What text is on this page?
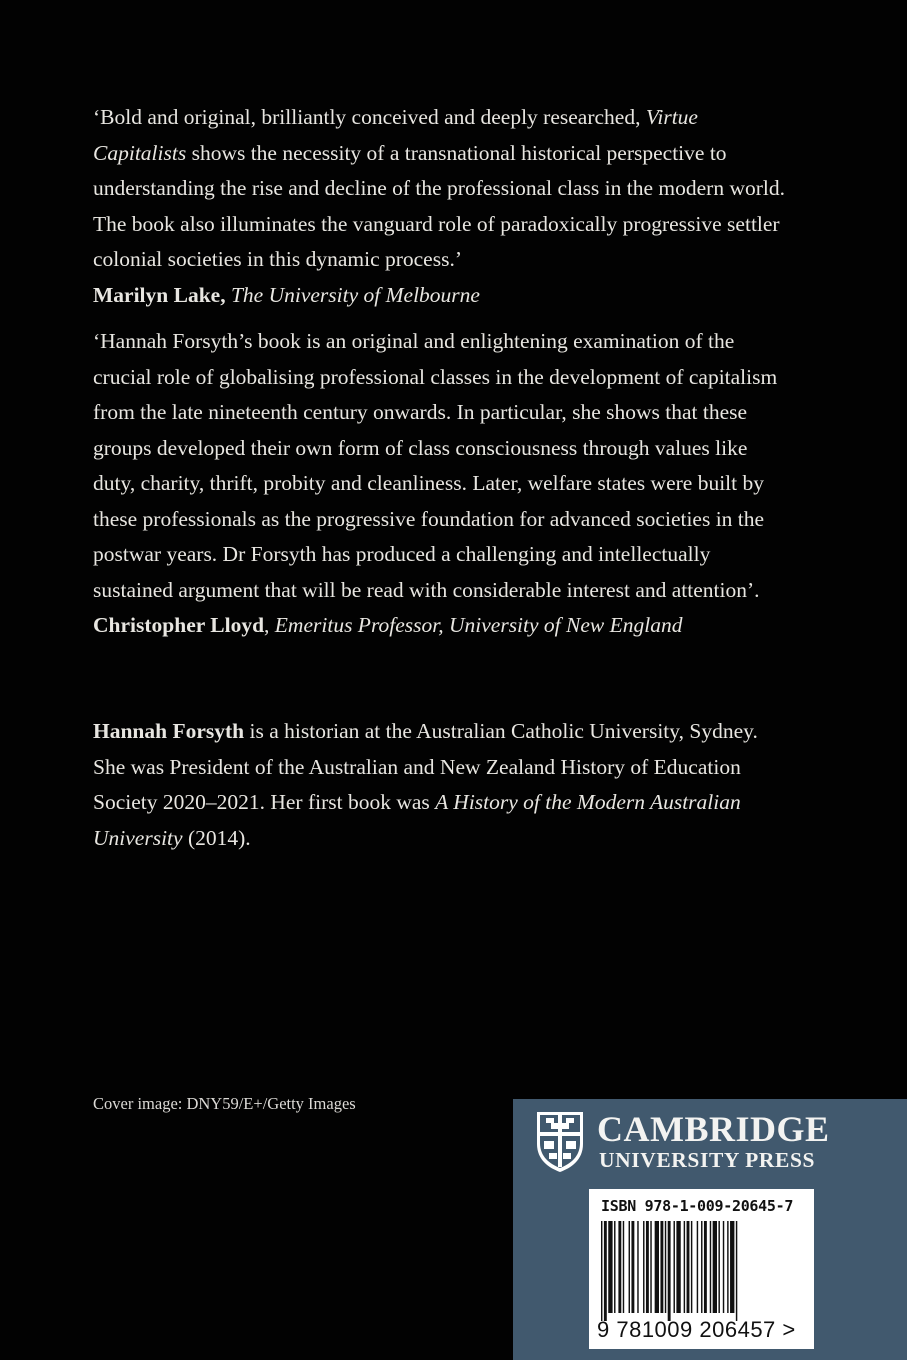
‘Bold and original, brilliantly conceived and deeply researched, Virtue Capitalists shows the necessity of a transnational historical perspective to understanding the rise and decline of the professional class in the modern world. The book also illuminates the vanguard role of paradoxically progressive settler colonial societies in this dynamic process.’

Marilyn Lake, The University of Melbourne

‘Hannah Forsyth’s book is an original and enlightening examination of the crucial role of globalising professional classes in the development of capitalism from the late nineteenth century onwards. In particular, she shows that these groups developed their own form of class consciousness through values like duty, charity, thrift, probity and cleanliness. Later, welfare states were built by these professionals as the progressive foundation for advanced societies in the postwar years. Dr Forsyth has produced a challenging and intellectually sustained argument that will be read with considerable interest and attention’.

Christopher Lloyd, Emeritus Professor, University of New England

Hannah Forsyth is a historian at the Australian Catholic University, Sydney. She was President of the Australian and New Zealand History of Education Society 2020–2021. Her first book was A History of the Modern Australian University (2014).

Cover image: DNY59/E+/Getty Images

CAMBRIDGE
UNIVERSITY PRESS
ISBN 978-1-009-20645-7
9 781009 206457 >
